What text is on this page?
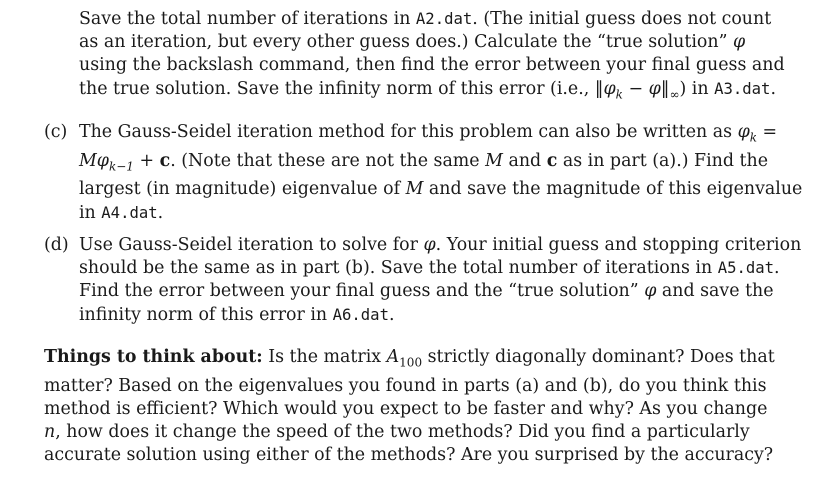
Save the total number of iterations in A2.dat. (The initial guess does not count
as an iteration, but every other guess does.) Calculate the “true solution” φ
using the backslash command, then find the error between your final guess and
the true solution. Save the infinity norm of this error (i.e., $‖\varphi_k$ − $\varphi‖_\infty$) in A3.dat.
(c) The Gauss-Seidel iteration method for this problem can also be written as $\varphi_k$ =
$M\varphi_{k-1} + c$. (Note that these are not the same M and c as in part (a).) Find the
largest (in magnitude) eigenvalue of M and save the magnitude of this eigenvalue
in A4.dat.
(d) Use Gauss-Seidel iteration to solve for φ. Your initial guess and stopping criterion
should be the same as in part (b). Save the total number of iterations in A5.dat.
Find the error between your final guess and the “true solution” φ and save the
infinity norm of this error in A6.dat.
Things to think about: Is the matrix $A_{100}$ strictly diagonally dominant? Does that
matter? Based on the eigenvalues you found in parts (a) and (b), do you think this
method is efficient? Which would you expect to be faster and why? As you change
n, how does it change the speed of the two methods? Did you find a particularly
accurate solution using either of the methods? Are you surprised by the accuracy?
